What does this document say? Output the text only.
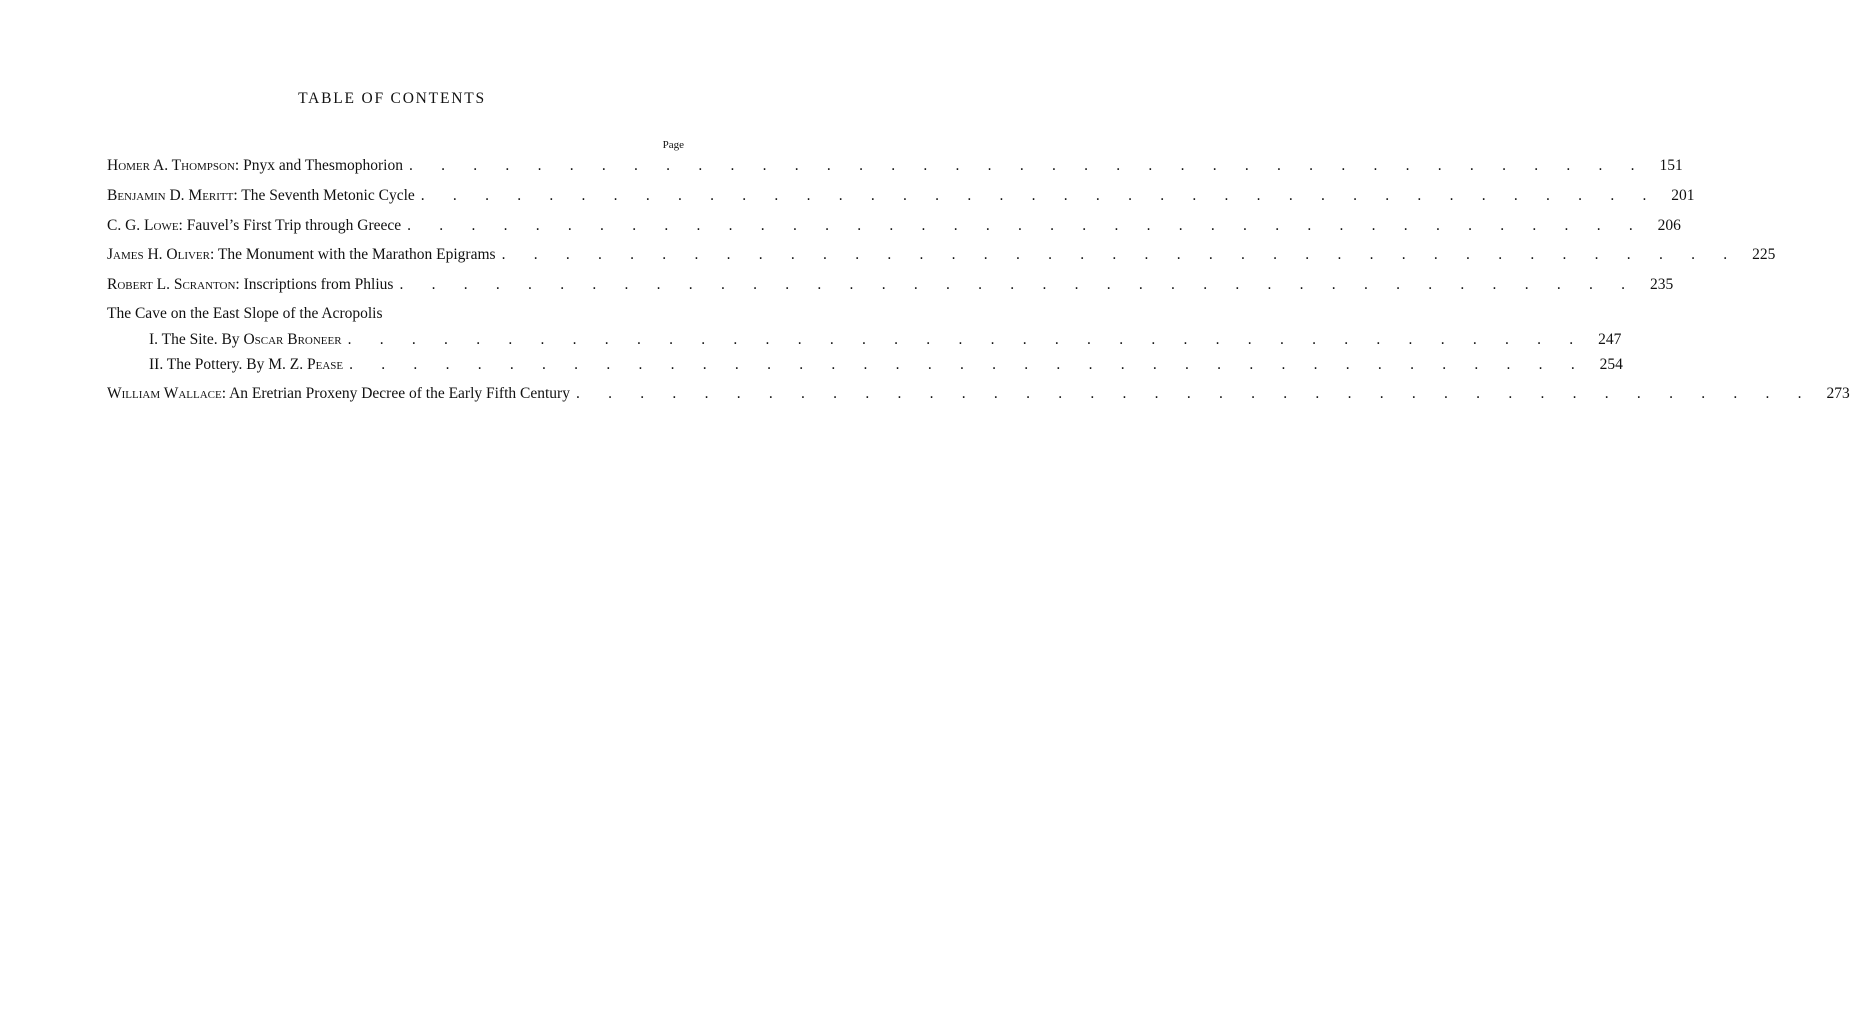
TABLE OF CONTENTS
Page
Homer A. Thompson: Pnyx and Thesmophorion . . . . . . . . . . . . . . . . . . . . . . . . . . . . . . . . . . . . . . . 151
Benjamin D. Meritt: The Seventh Metonic Cycle . . . . . . . . . . . . . . . . . . . . . . . . . . . . . . . . . . . . . . . 201
C. G. Lowe: Fauvel’s First Trip through Greece . . . . . . . . . . . . . . . . . . . . . . . . . . . . . . . . . . . . . . . 206
James H. Oliver: The Monument with the Marathon Epigrams . . . . . . . . . . . . . . . . . . . . . . . . . . . . . . . . . . . . . . . 225
Robert L. Scranton: Inscriptions from Phlius . . . . . . . . . . . . . . . . . . . . . . . . . . . . . . . . . . . . . . . 235
The Cave on the East Slope of the Acropolis
I. The Site. By Oscar Broneer . . . . . . . . . . . . . . . . . . . . . . . . . . . . . . . . . . . . . . . 247
II. The Pottery. By M. Z. Pease . . . . . . . . . . . . . . . . . . . . . . . . . . . . . . . . . . . . . . . 254
William Wallace: An Eretrian Proxeny Decree of the Early Fifth Century . . . . . . . . . . . . . . . . . . . . . . . . . . . . . . . . . . . . . . . 273
